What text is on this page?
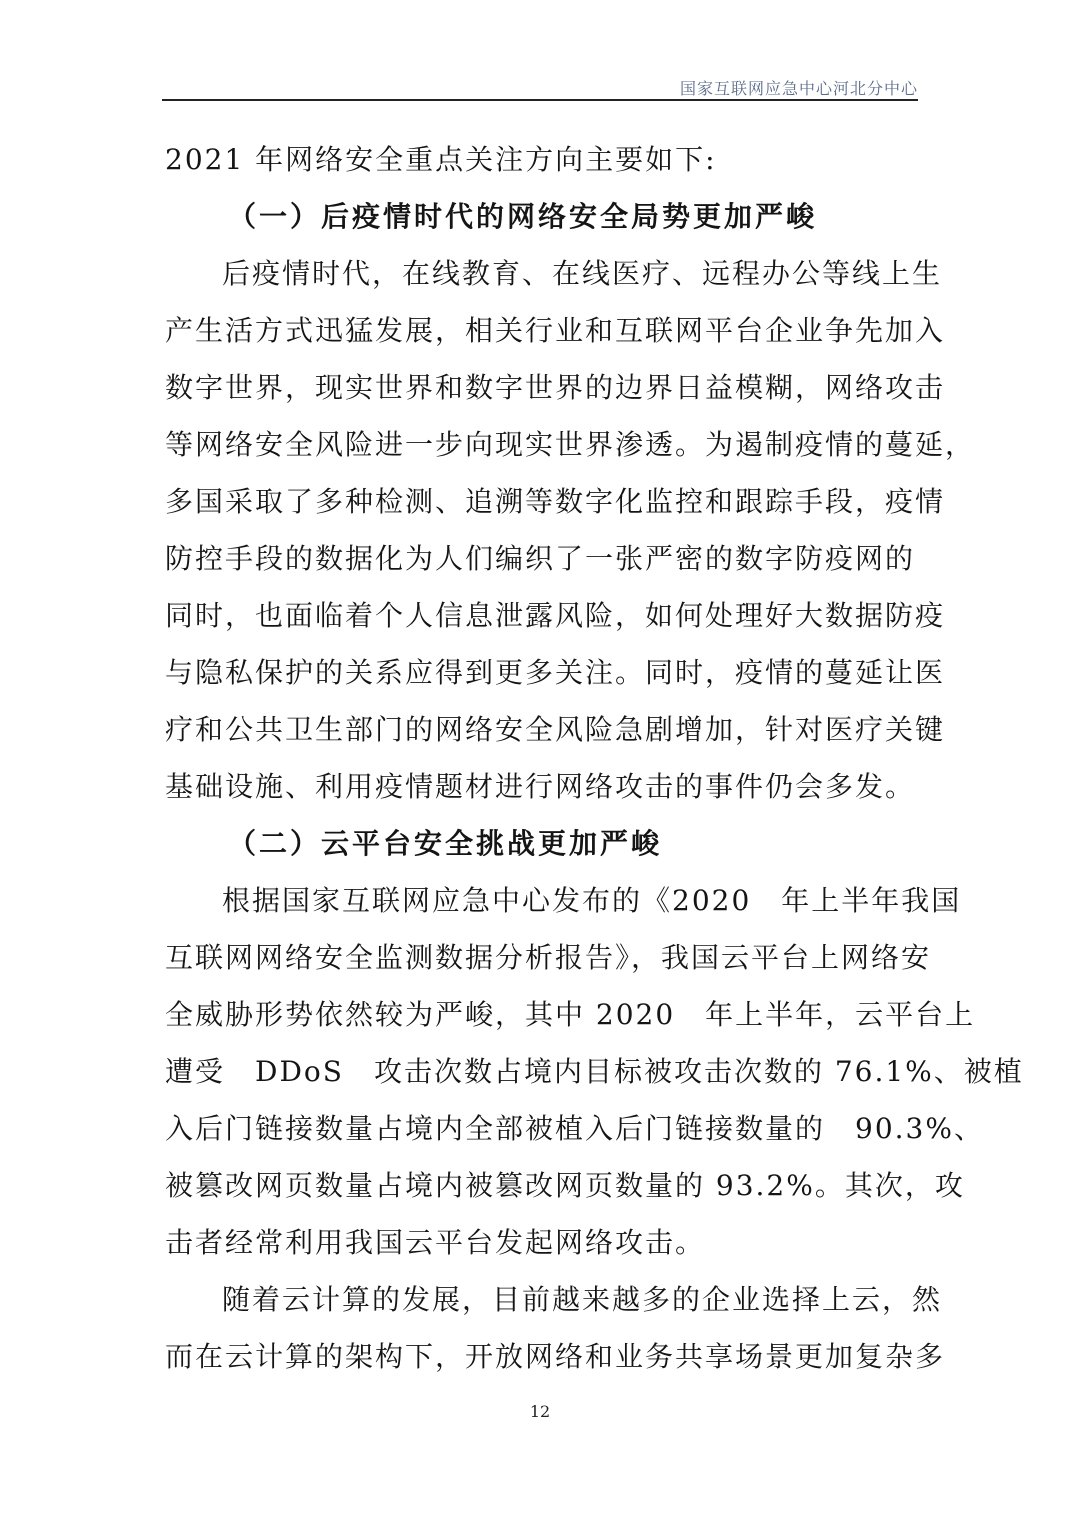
国家互联网应急中心河北分中心
2021 年网络安全重点关注方向主要如下:
（一）后疫情时代的网络安全局势更加严峻
后疫情时代，在线教育、在线医疗、远程办公等线上生
产生活方式迅猛发展，相关行业和互联网平台企业争先加入
数字世界，现实世界和数字世界的边界日益模糊，网络攻击
等网络安全风险进一步向现实世界渗透。为遏制疫情的蔓延，
多国采取了多种检测、追溯等数字化监控和跟踪手段，疫情
防控手段的数据化为人们编织了一张严密的数字防疫网的
同时，也面临着个人信息泄露风险，如何处理好大数据防疫
与隐私保护的关系应得到更多关注。同时，疫情的蔓延让医
疗和公共卫生部门的网络安全风险急剧增加，针对医疗关键
基础设施、利用疫情题材进行网络攻击的事件仍会多发。
（二）云平台安全挑战更加严峻
根据国家互联网应急中心发布的《2020　年上半年我国
互联网网络安全监测数据分析报告》，我国云平台上网络安
全威胁形势依然较为严峻，其中 2020　年上半年，云平台上
遭受　DDoS　攻击次数占境内目标被攻击次数的 76.1%、被植
入后门链接数量占境内全部被植入后门链接数量的　90.3%、
被篡改网页数量占境内被篡改网页数量的 93.2%。其次，攻
击者经常利用我国云平台发起网络攻击。
随着云计算的发展，目前越来越多的企业选择上云，然
而在云计算的架构下，开放网络和业务共享场景更加复杂多
12
